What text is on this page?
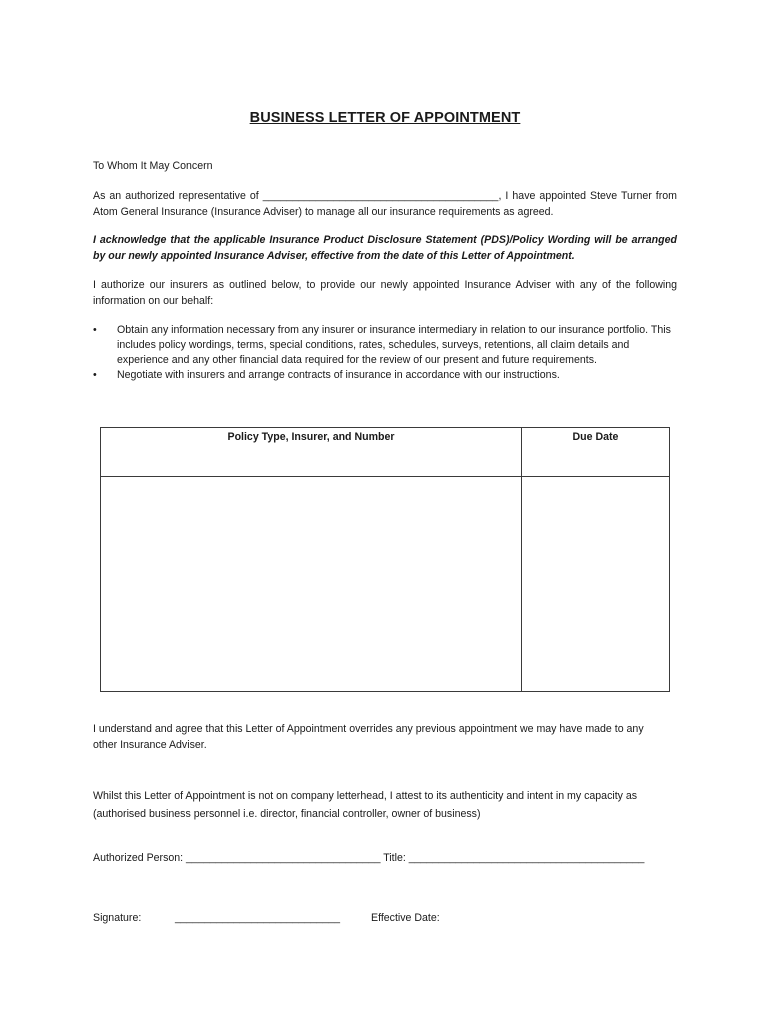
BUSINESS LETTER OF APPOINTMENT
To Whom It May Concern
As an authorized representative of ________________________________________, I have appointed Steve Turner from Atom General Insurance (Insurance Adviser) to manage all our insurance requirements as agreed.
I acknowledge that the applicable Insurance Product Disclosure Statement (PDS)/Policy Wording will be arranged by our newly appointed Insurance Adviser, effective from the date of this Letter of Appointment.
I authorize our insurers as outlined below, to provide our newly appointed Insurance Adviser with any of the following information on our behalf:
• Obtain any information necessary from any insurer or insurance intermediary in relation to our insurance portfolio. This includes policy wordings, terms, special conditions, rates, schedules, surveys, retentions, all claim details and experience and any other financial data required for the review of our present and future requirements.
• Negotiate with insurers and arrange contracts of insurance in accordance with our instructions.
Policy Type, Insurer, and Number	Due Date

I understand and agree that this Letter of Appointment overrides any previous appointment we may have made to any other Insurance Adviser.
Whilst this Letter of Appointment is not on company letterhead, I attest to its authenticity and intent in my capacity as (authorised business personnel i.e. director, financial controller, owner of business)
Authorized Person: _________________________________ Title: ________________________________________
Signature:	____________________________	Effective Date:
